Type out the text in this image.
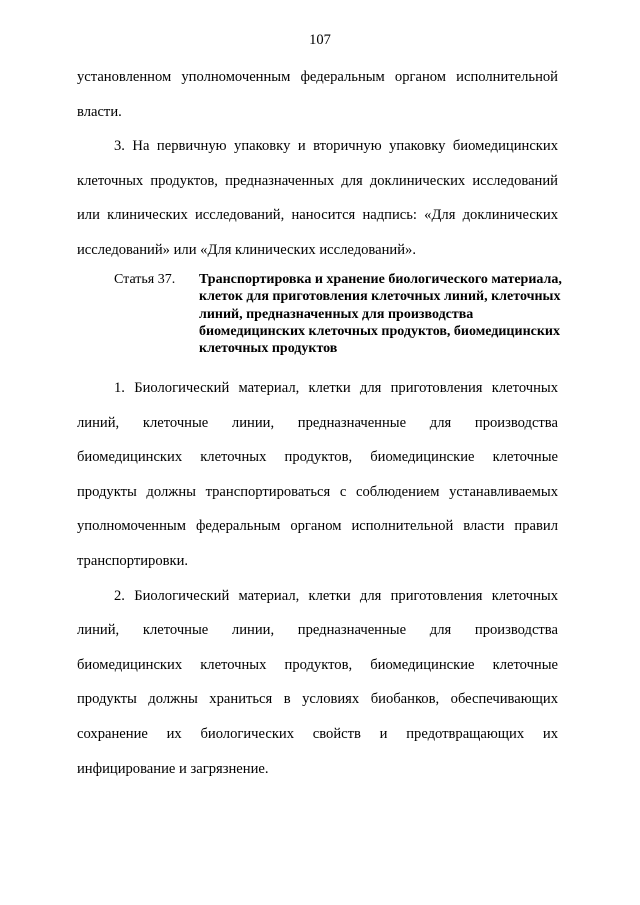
107

установленном уполномоченным федеральным органом исполнительной власти.

3. На первичную упаковку и вторичную упаковку биомедицинских клеточных продуктов, предназначенных для доклинических исследований или клинических исследований, наносится надпись: «Для доклинических исследований» или «Для клинических исследований».

Статья 37. Транспортировка и хранение биологического материала, клеток для приготовления клеточных линий, клеточных линий, предназначенных для производства биомедицинских клеточных продуктов, биомедицинских клеточных продуктов

1. Биологический материал, клетки для приготовления клеточных линий, клеточные линии, предназначенные для производства биомедицинских клеточных продуктов, биомедицинские клеточные продукты должны транспортироваться с соблюдением устанавливаемых уполномоченным федеральным органом исполнительной власти правил транспортировки.

2. Биологический материал, клетки для приготовления клеточных линий, клеточные линии, предназначенные для производства биомедицинских клеточных продуктов, биомедицинские клеточные продукты должны храниться в условиях биобанков, обеспечивающих сохранение их биологических свойств и предотвращающих их инфицирование и загрязнение.
